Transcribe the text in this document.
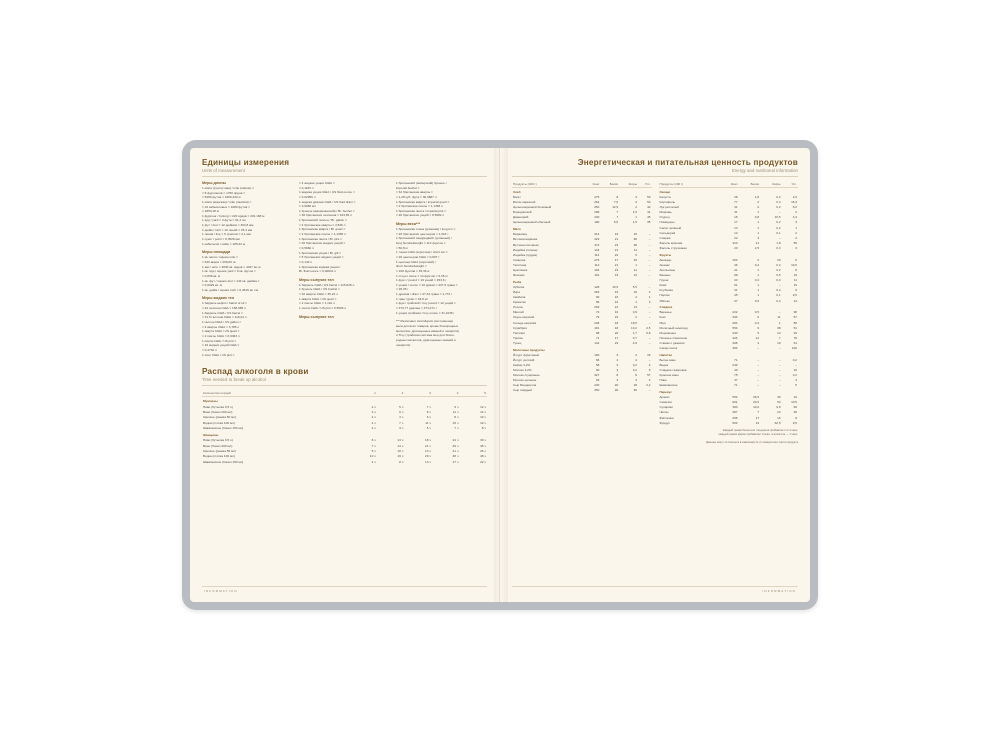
Единицы измерения
Units of measurement
Меры длины
1 миля (сухопутная) / mile (statute) =
= 8 фурлонгов = 1760 ярдов =
= 5280 футов = 1609,344 м
1 миля (морская) / mile (nautical) =
= 10 кабельтовых = 1080 футов =
= 1853,18 м
1 фурлонг / furlong = 220 ярдов = 201,168 м
1 ярд / yard = 3 фута = 91,4 см
1 фут / foot = 12 дюймов = 304,8 мм
1 дюйм / inch = 10 линий = 25,4 мм
1 линия / line = 6 пунктов = 2,1 мм
1 пункт / point = 0,3528 мм
1 кабельтов / cable = 185,22 м
Меры площади
1 кв. миля / square mile =
= 640 акров = 259,00 га
1 акр / acre = 4840 кв. ярдов = 4047 кв. м
1 кв. ярд / square yard = 9 кв. футов =
= 0,836 кв. м
1 кв. фут / square foot = 144 кв. дюйма =
= 0,0929 кв. м
1 кв. дюйм / square inch = 6,4516 кв. см
Меры жидких тел
1 баррель нефти / barrel of oil =
= 42 галлона США = 158,988 л
1 баррель США / US barrel =
= 31,5 галлона США = 119,24 л
1 галлон США / US gallon =
= 4 кварты США = 3,785 л
1 кварта США / US quart =
= 2 пинты США = 0,9463 л
1 пинта США / US pint =
= 16 жидких унций США =
= 0,4732 л
1 пинт США / US pint =
= 4 жидкие унции США =
= 0,1183 л
1 жидкая унция США / US fluid ounce =
= 0,02956 л
1 жидкая драхма США / US fluid dram =
= 3,6966 мл
1 бушель (американский) / Br. bushel =
= 36 британских галлонов = 163,65 л
1 британский галлон / Br. gallon =
= 4 британские кварты = 4,546 л
1 британская кварта / Br. quart =
= 2 британские пинты = 1,1365 л
1 британская пинта / Br. pint =
= 20 британских жидких унций =
= 0,5682 л
1 британская унция / Br. gill =
= 5 британских жидких унций =
= 0,142 л
1 британская жидкая унция /
Br. fluid ounce = 0,02841 л
Меры сыпучих тел
1 баррель США / US barrel = 115,628 л
1 бушель США / US bushel =
= 32 кварты США = 35,24 л
1 кварта США / US quart =
= 2 пинты США = 1,101 л
1 пинта США / US pint = 0,5506 л
Меры сыпучих тел
1 британский (имперский) бушель /
imperial bushel =
= 32 британские кварты =
= 1,28 куб. фута = 36,3687 л
1 британская кварта / imperial quart =
= 2 британские пинты = 1,1365 л
1 британская пинта / imperial pint =
= 20 британских унций = 0,5682 л
Меры веса***
1 британская тонна (длинная) / long ton =
= 20 британских центнеров = 1,016 т
1 британский хандредвейт (длинный) /
long hundredweight = 112 фунтов =
= 50,8 кг
1 тонна США (короткая) / short ton =
= 20 центнеров США = 0,907 т
1 центнер США (короткий) /
short hundredweight =
= 100 фунтов = 45,36 кг
1 стоун / stone = 14 фунтов = 6,35 кг
1 фунт / pound = 16 унций = 453,6 г
1 унция / ounce = 16 драхм = 437,5 грана =
= 28,35 г
1 драхма / dram = 27,34 грана = 1,772 г
1 гран / grain = 64,8 мг
1 фунт тройский / troy pound = 12 унций =
= 373,77 драхмы = 373,271 г
1 унция тройская / troy ounce = 31,1035 г
*** Различают Avoirdupois (система мер
веса для всех товаров, кроме благородных
металлов, драгоценных камней и лекарств)
и Troy (тройская система мер для благо-
родных металлов, драгоценных камней и
лекарств).
Распад алкоголя в крови
Time needed to break up alcohol
Количество порций	1	2	3	4	5
Мужчины					
Пиво (бутылка 0,5 л)	2 ч	5 ч	7 ч	9 ч	12 ч
Вино (бокал 200 мл)	3 ч	6 ч	8 ч	11 ч	14 ч
Крепкое (рюмка 50 мл)	2 ч	4 ч	6 ч	8 ч	10 ч
Водка (стопка 100 мл)	4 ч	7 ч	11 ч	15 ч	19 ч
Шампанское (бокал 150 мл)	2 ч	3 ч	5 ч	7 ч	8 ч
Женщины					
Пиво (бутылка 0,5 л)	6 ч	13 ч	18 ч	24 ч	30 ч
Вино (бокал 200 мл)	7 ч	14 ч	21 ч	29 ч	36 ч
Крепкое (рюмка 50 мл)	5 ч	10 ч	13 ч	21 ч	26 ч
Водка (стопка 100 мл)	10 ч	19 ч	29 ч	38 ч	48 ч
Шампанское (бокал 150 мл)	4 ч	8 ч	13 ч	17 ч	22 ч
INFORMATION
Энергетическая и питательная ценность продуктов
Energy and nutritional information
Продукты (100 г)	Ккал	Белки	Жиры	Угл.
Хлеб				
Багет	275	8	3	53
Батон нарезной	264	7,5	3	50
Цельнозерновой белковый	250	12,5	2	42
Бородинский	208	7	1,5	41
Дарницкий	230	7	1	45
Цельнозерновой обычный	190	5,5	1,5	35
Мясо				
Баранина	214	19	15	–
Ветчина варёная	423	21	38	–
Ветчина копчёная	474	23	38	–
Индейка (голень)	144	21	11	–
Индейка (грудка)	114	22	5	–
Свинина	276	17	23	–
Телятина	112	21	1	–
Цыплёнок	192	19	11	–
Ягнёнок	191	19	13	–
Рыба				
Зубатка	128	15,5	5,5	–
Икра	263	19	19	2
Камбала	90	16	2	1
Креветки	86	16	1	3
Лосось	203	21	13	–
Минтай	72	16	0,9	–
Окунь морской	79	15	2	–
Сельдь морская	248	18	19,5	–
Скумбрия	191	18	13,2	2,5
Тиляпия	98	20	1,7	0,8
Треска	71	17	0,7	–
Тунец	144	22	4,9	–
Молочные продукты				
Йогурт фруктовый	100	3	2	16
Йогурт детский	66	4	4	–
Кефир 3,2%	58	3	3,2	4
Молоко 3,2%	60	3	3,2	5
Молоко сгущённое	327	8	9	57
Молоко цельное	63	3	3	4
Сыр Моцарелла	240	20	18	2,2
Сыр твёрдый	350	30	30	–
Продукты (100 г)	Ккал	Белки	Жиры	Угл.
Овощи				
Капуста	28	1,8	0,2	4,0
Картофель	77	2	0,4	16,3
Лук репчатый	41	2	0,2	8,2
Морковь	41	1	–	2
Огурец	15	0,8	10,5	4,3
Помидоры	17	1	0,2	3
Салат зелёный	14	1	0,2	1
Сельдерей	13	1	0,1	2
Спаржа	22	3	–	2
Фасоль красная	310	21	1,8	55
Фасоль стручковая	23	2,5	0,3	3
Фрукты				
Авокадо	200	2	20	6
Ананас	46	0,4	0,2	10,6
Апельсины	41	1	0,2	8
Бананы	98	1	0,5	19
Груша	43	0,4	0,3	11
Киви	61	1	–	15
Клубника	41	1	0,4	6
Персик	45	1	0,1	9,5
Яблоко	47	0,5	0,4	14
Сладкое				
Варенье	222	0,5	–	98
Кекс	334	6	11	57
Мёд	294	0,3	1	80
Молочный шоколад	554	9	38	51
Мороженое	240	5	14	26
Печенье сливочное	426	12	7	78
Сливки с джемом	408	3	19	61
Сахар-песок	392	–	–	100
Напитки				
Белое вино	71	–	–	0,2
Водка	249	–	–	–
Сладкое газировка	40	–	–	10
Красное вино	75	–	–	0,2
Пиво	47	–	–	4
Шампанское	71	–	–	5
Перекус				
Арахис	552	26,5	45	10
Семечки	601	20,5	53	10,5
Сухарики	390	10,6	9,8	66
Чипсы	487	7	23	48
Фисташки	258	17	16	8
Фундук	603	13	62,5	9,5
Каждый грамм белка или глицерина прибавляет по 4 ккал,
каждый грамм жиров прибавляет 9 ккал, а алкоголя — 7 ккал.
Данные могут отличаться в зависимости от конкретного сорта продукта
INFORMATION
